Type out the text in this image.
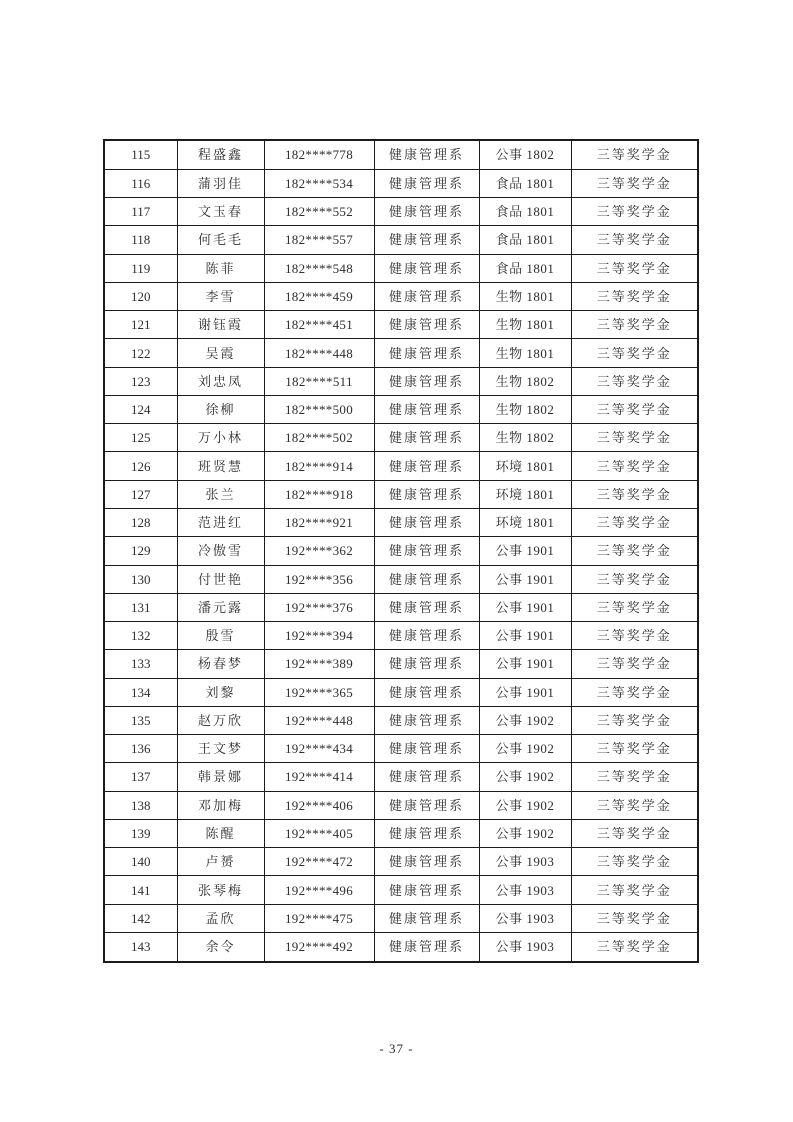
115	程盛鑫	182****778	健康管理系	公事 1802	三等奖学金
116	蒲羽佳	182****534	健康管理系	食品 1801	三等奖学金
117	文玉春	182****552	健康管理系	食品 1801	三等奖学金
118	何毛毛	182****557	健康管理系	食品 1801	三等奖学金
119	陈菲	182****548	健康管理系	食品 1801	三等奖学金
120	李雪	182****459	健康管理系	生物 1801	三等奖学金
121	谢钰霞	182****451	健康管理系	生物 1801	三等奖学金
122	吴霞	182****448	健康管理系	生物 1801	三等奖学金
123	刘忠凤	182****511	健康管理系	生物 1802	三等奖学金
124	徐柳	182****500	健康管理系	生物 1802	三等奖学金
125	万小林	182****502	健康管理系	生物 1802	三等奖学金
126	班贤慧	182****914	健康管理系	环境 1801	三等奖学金
127	张兰	182****918	健康管理系	环境 1801	三等奖学金
128	范进红	182****921	健康管理系	环境 1801	三等奖学金
129	冷傲雪	192****362	健康管理系	公事 1901	三等奖学金
130	付世艳	192****356	健康管理系	公事 1901	三等奖学金
131	潘元露	192****376	健康管理系	公事 1901	三等奖学金
132	殷雪	192****394	健康管理系	公事 1901	三等奖学金
133	杨春梦	192****389	健康管理系	公事 1901	三等奖学金
134	刘黎	192****365	健康管理系	公事 1901	三等奖学金
135	赵万欣	192****448	健康管理系	公事 1902	三等奖学金
136	王文梦	192****434	健康管理系	公事 1902	三等奖学金
137	韩景娜	192****414	健康管理系	公事 1902	三等奖学金
138	邓加梅	192****406	健康管理系	公事 1902	三等奖学金
139	陈醒	192****405	健康管理系	公事 1902	三等奖学金
140	卢赟	192****472	健康管理系	公事 1903	三等奖学金
141	张琴梅	192****496	健康管理系	公事 1903	三等奖学金
142	孟欣	192****475	健康管理系	公事 1903	三等奖学金
143	余令	192****492	健康管理系	公事 1903	三等奖学金
- 37 -
